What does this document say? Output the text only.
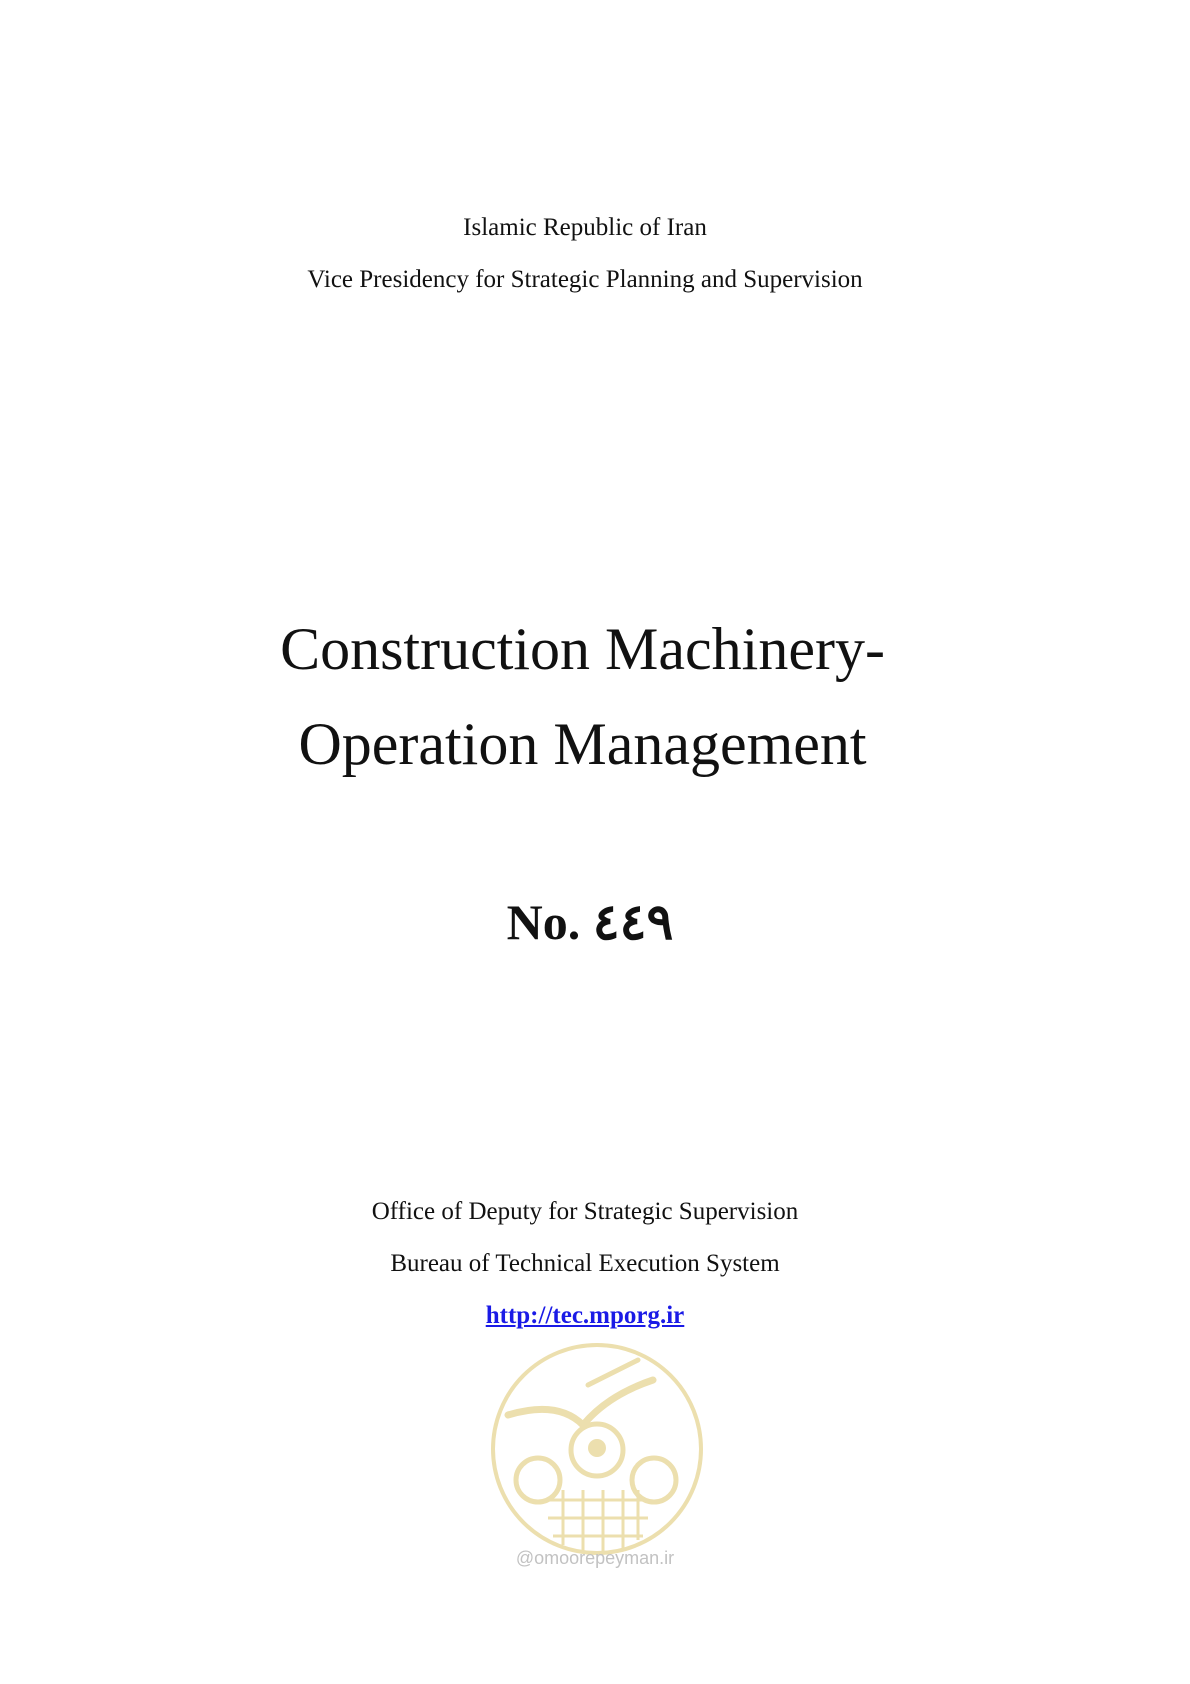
Islamic Republic of Iran
Vice Presidency for Strategic Planning and Supervision
Construction Machinery-
Operation Management
No. ٤٤٩
Office of Deputy for Strategic Supervision
Bureau of Technical Execution System
http://tec.mporg.ir
@omoorepeyman.ir
